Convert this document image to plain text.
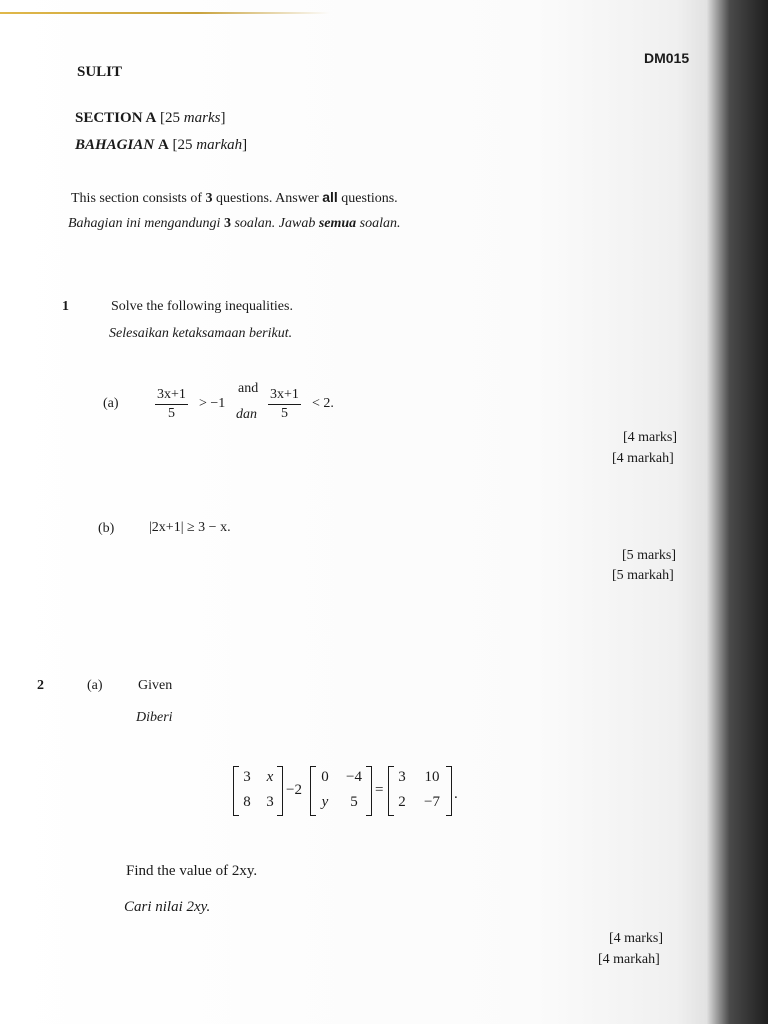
DM015
SULIT
SECTION A [25 marks]
BAHAGIAN A [25 markah]
This section consists of 3 questions. Answer all questions.
Bahagian ini mengandungi 3 soalan. Jawab semua soalan.
1	Solve the following inequalities.
Selesaikan ketaksamaan berikut.
(a)	$\frac{3x+1}{5} > -1$
and
dan $\frac{3x+1}{5} < 2$.
[4 marks]
[4 markah]
(b) |2x+1| ≥ 3 − x.
[5 marks]
[5 markah]
2	(a)	Given
Diberi
3	x
8	3
−2
0	−4
y	5
=
3	10
2	−7 .
Find the value of 2xy.
Cari nilai 2xy.
[4 marks]
[4 markah]
